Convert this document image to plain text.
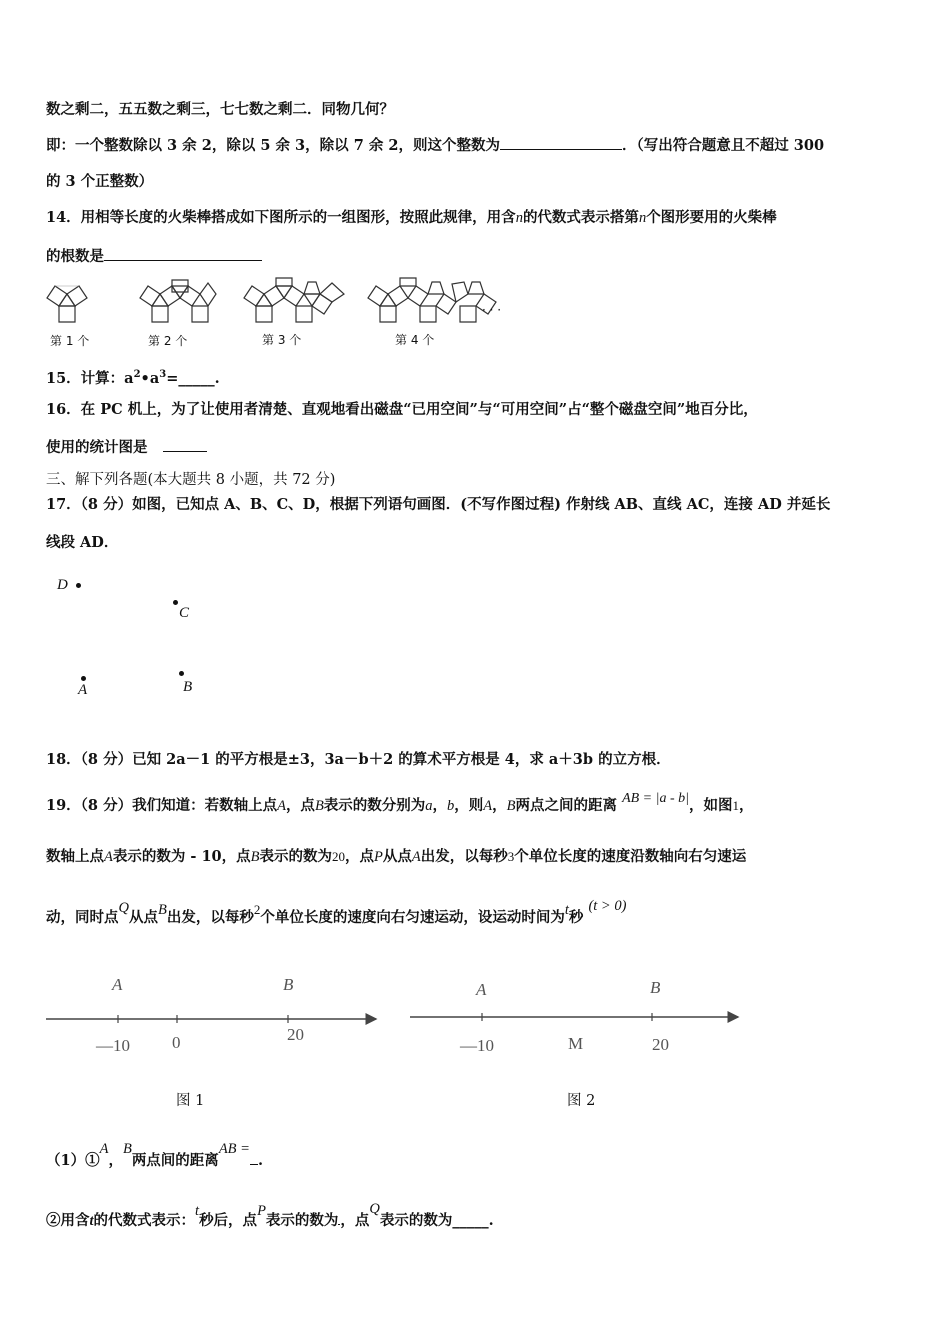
数之剩二，五五数之剩三，七七数之剩二．同物几何？
即：一个整数除以 3 余 2，除以 5 余 3，除以 7 余 2，则这个整数为	．（写出符合题意且不超过 300
的 3 个正整数）
14．用相等长度的火柴棒搭成如下图所示的一组图形，按照此规律，用含n的代数式表示搭第n个图形要用的火柴棒
的根数是
第 1 个	第 2 个	第 3 个	第 4 个
· · ·
15．计算：$a^2•a^3=\_\_\_\_\_$.
16．在 PC 机上，为了让使用者清楚、直观地看出磁盘“已用空间”与“可用空间”占“整个磁盘空间”地百分比，
使用的统计图是
三、解下列各题(本大题共 8 小题，共 72 分)
17．（8 分）如图，已知点 A、B、C、D，根据下列语句画图．(不写作图过程) 作射线 AB、直线 AC，连接 AD 并延长
线段 AD．
D
C
A	B
18．（8 分）已知 2a－1 的平方根是±3，3a－b＋2 的算术平方根是 4，求 a＋3b 的立方根．
19．（8 分）我们知道：若数轴上点A，点B表示的数分别为a，b，则A，B两点之间的距离 AB = |a - b|，如图1，
数轴上点A表示的数为 - 10，点B表示的数为20，点P从点A出发，以每秒3个单位长度的速度沿数轴向右匀速运
动，同时点Q从点B出发，以每秒2个单位长度的速度向右匀速运动，设运动时间为t秒 (t > 0)
A	B
—10 0	20
A	B
—10	M	20
图 1	图 2
（1）①A，B两点间的距离AB =.
②用含t的代数式表示：t秒后，点P表示的数为 ，点Q表示的数为_____.
